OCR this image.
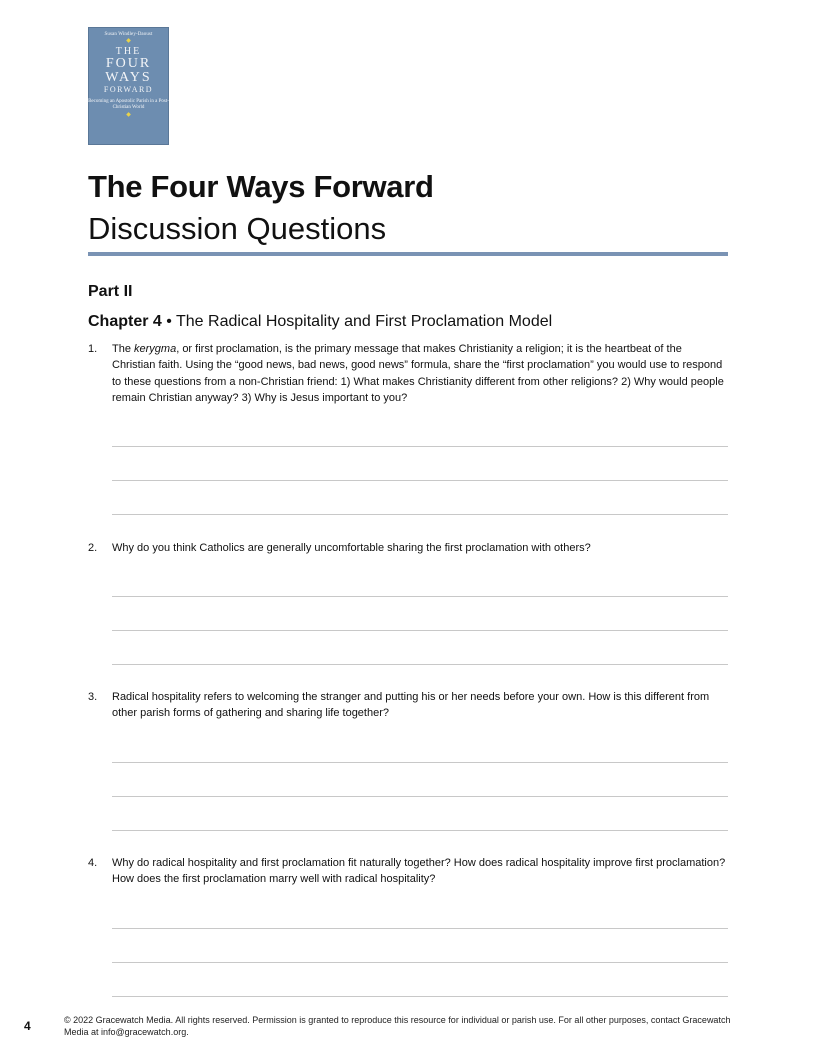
Susan Windley-Daoust
◆
THE
FOUR
WAYS
FORWARD
Becoming an Apostolic Parish in a Post-Christian World
◆
The Four Ways Forward
Discussion Questions
Part II
Chapter 4 • The Radical Hospitality and First Proclamation Model
1.	The kerygma, or first proclamation, is the primary message that makes Christianity a religion; it is the heartbeat of the Christian faith. Using the “good news, bad news, good news” formula, share the “first proclamation” you would use to respond to these questions from a non-Christian friend: 1) What makes Christianity different from other religions? 2) Why would people remain Christian anyway? 3) Why is Jesus important to you?
2.	Why do you think Catholics are generally uncomfortable sharing the first proclamation with others?
3.	Radical hospitality refers to welcoming the stranger and putting his or her needs before your own. How is this different from other parish forms of gathering and sharing life together?
4.	Why do radical hospitality and first proclamation fit naturally together? How does radical hospitality improve first proclamation? How does the first proclamation marry well with radical hospitality?
4	© 2022 Gracewatch Media. All rights reserved. Permission is granted to reproduce this resource for individual or parish use. For all other purposes, contact Gracewatch Media at info@gracewatch.org.
